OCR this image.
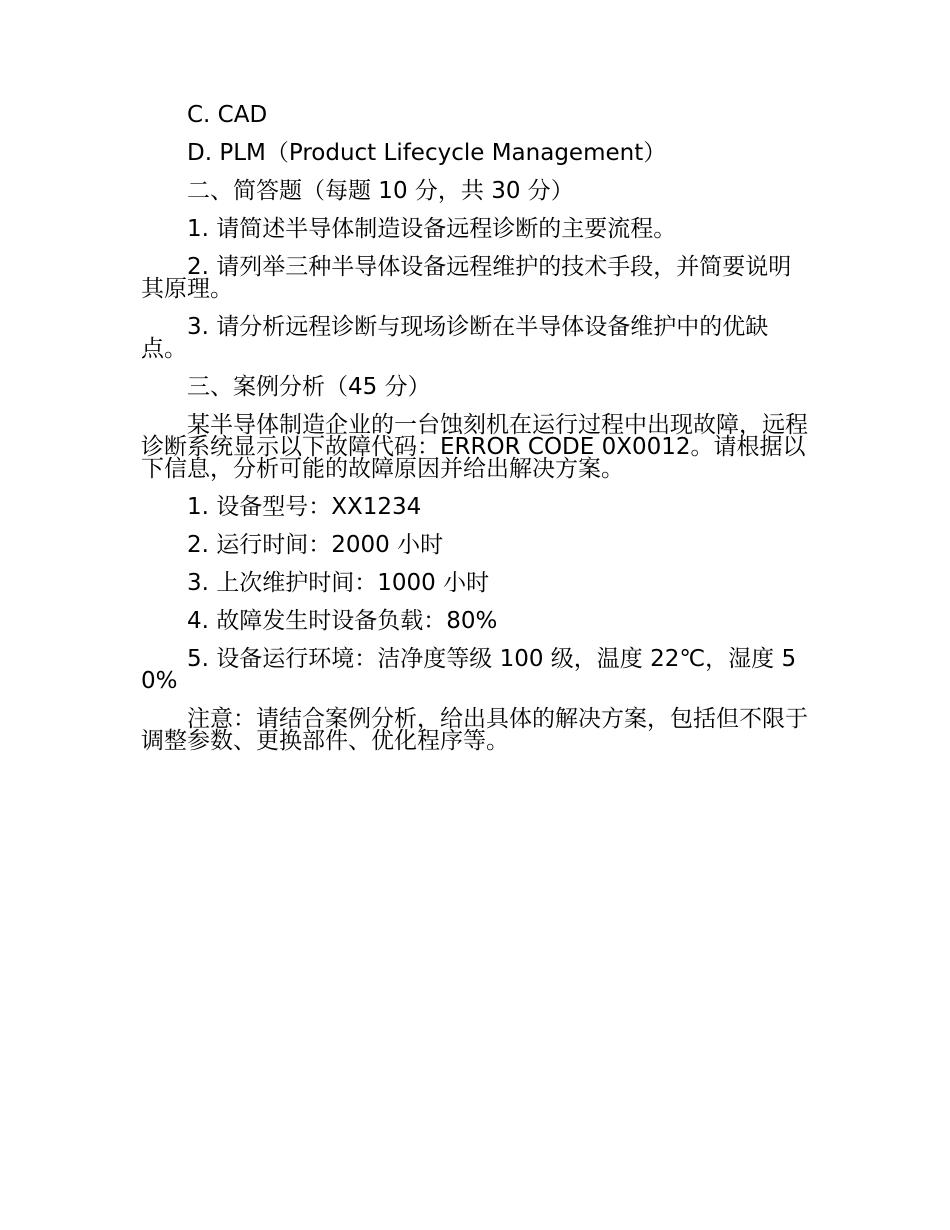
C. CAD

D. PLM（Product Lifecycle Management）

二、简答题（每题 10 分，共 30 分）

1. 请简述半导体制造设备远程诊断的主要流程。

2. 请列举三种半导体设备远程维护的技术手段，并简要说明其原理。

3. 请分析远程诊断与现场诊断在半导体设备维护中的优缺点。

三、案例分析（45 分）

某半导体制造企业的一台蚀刻机在运行过程中出现故障，远程诊断系统显示以下故障代码：ERROR CODE 0X0012。请根据以下信息，分析可能的故障原因并给出解决方案。

1. 设备型号：XX1234

2. 运行时间：2000 小时

3. 上次维护时间：1000 小时

4. 故障发生时设备负载：80%

5. 设备运行环境：洁净度等级 100 级，温度 22℃，湿度 50%

注意：请结合案例分析，给出具体的解决方案，包括但不限于调整参数、更换部件、优化程序等。
